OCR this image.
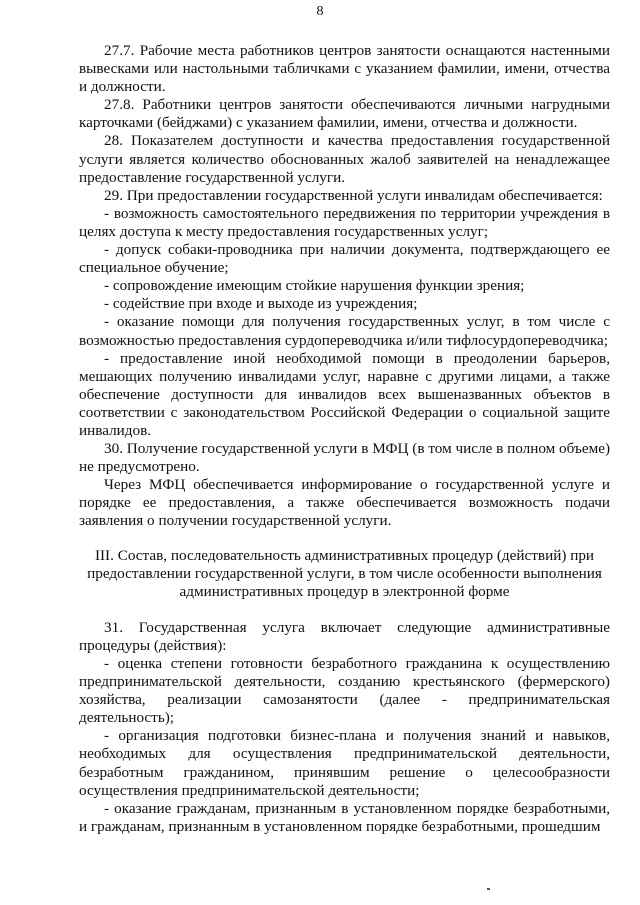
8

27.7. Рабочие места работников центров занятости оснащаются настенными вывесками или настольными табличками с указанием фамилии, имени, отчества и должности.

27.8. Работники центров занятости обеспечиваются личными нагрудными карточками (бейджами) с указанием фамилии, имени, отчества и должности.

28. Показателем доступности и качества предоставления государственной услуги является количество обоснованных жалоб заявителей на ненадлежащее предоставление государственной услуги.

29. При предоставлении государственной услуги инвалидам обеспечивается:

- возможность самостоятельного передвижения по территории учреждения в целях доступа к месту предоставления государственных услуг;

- допуск собаки-проводника при наличии документа, подтверждающего ее специальное обучение;

- сопровождение имеющим стойкие нарушения функции зрения;

- содействие при входе и выходе из учреждения;

- оказание помощи для получения государственных услуг, в том числе с возможностью предоставления сурдопереводчика и/или тифлосурдопереводчика;

- предоставление иной необходимой помощи в преодолении барьеров, мешающих получению инвалидами услуг, наравне с другими лицами, а также обеспечение доступности для инвалидов всех вышеназванных объектов в соответствии с законодательством Российской Федерации о социальной защите инвалидов.

30. Получение государственной услуги в МФЦ (в том числе в полном объеме) не предусмотрено.

Через МФЦ обеспечивается информирование о государственной услуге и порядке ее предоставления, а также обеспечивается возможность подачи заявления о получении государственной услуги.

III. Состав, последовательность административных процедур (действий) при предоставлении государственной услуги, в том числе особенности выполнения административных процедур в электронной форме

31. Государственная услуга включает следующие административные процедуры (действия):

- оценка степени готовности безработного гражданина к осуществлению предпринимательской деятельности, созданию крестьянского (фермерского) хозяйства, реализации самозанятости (далее - предпринимательская деятельность);

- организация подготовки бизнес-плана и получения знаний и навыков, необходимых для осуществления предпринимательской деятельности, безработным гражданином, принявшим решение о целесообразности осуществления предпринимательской деятельности;

- оказание гражданам, признанным в установленном порядке безработными, и гражданам, признанным в установленном порядке безработными, прошедшим
